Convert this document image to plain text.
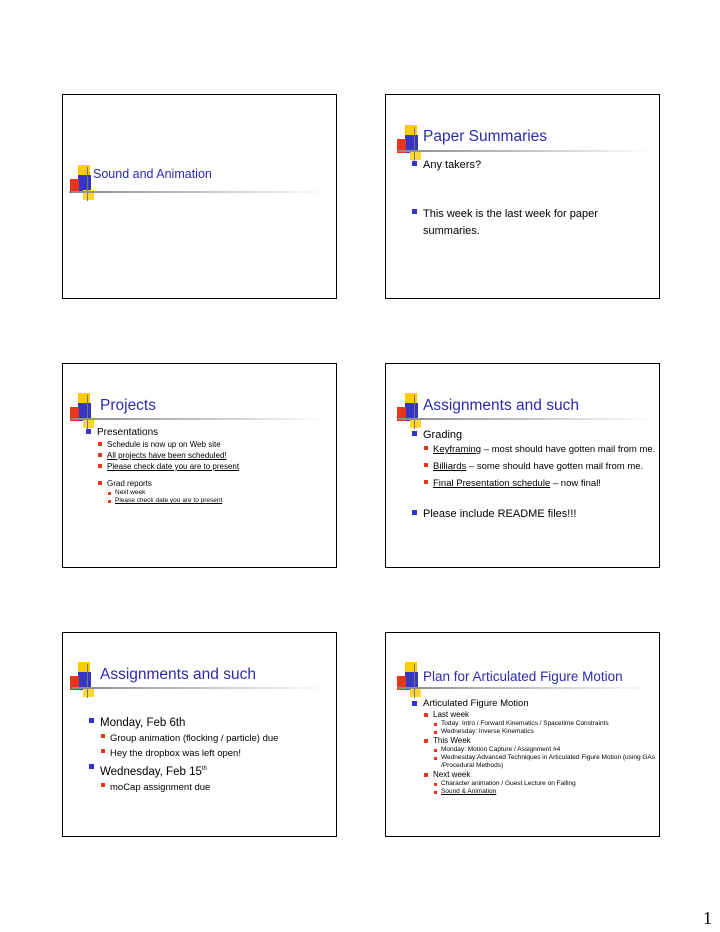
Sound and Animation
Paper Summaries
Any takers?
This week is the last week for paper summaries.
Projects
Presentations
Schedule is now up on Web site
All projects have been scheduled!
Please check date you are to present
Grad reports
Next week
Please check date you are to present
Assignments and such
Grading
Keyframing – most should have gotten mail from me.
Billiards – some should have gotten mail from me.
Final Presentation schedule – now final!
Please include README files!!!
Assignments and such
Monday, Feb 6th
Group animation (flocking / particle) due
Hey the dropbox was left open!
Wednesday, Feb 15th
moCap assignment due
Plan for Articulated Figure Motion
Articulated Figure Motion
Last week
Today: Intro / Forward Kinematics / Spacetime Constraints
Wednesday: Inverse Kinematics
This Week
Monday: Motion Capture / Assignment #4
Wednesday:Advanced Techniques in Articulated Figure Motion (using GAs /Procedural Methods)
Next week
Character animation / Guest Lecture on Falling
Sound & Animation
1
